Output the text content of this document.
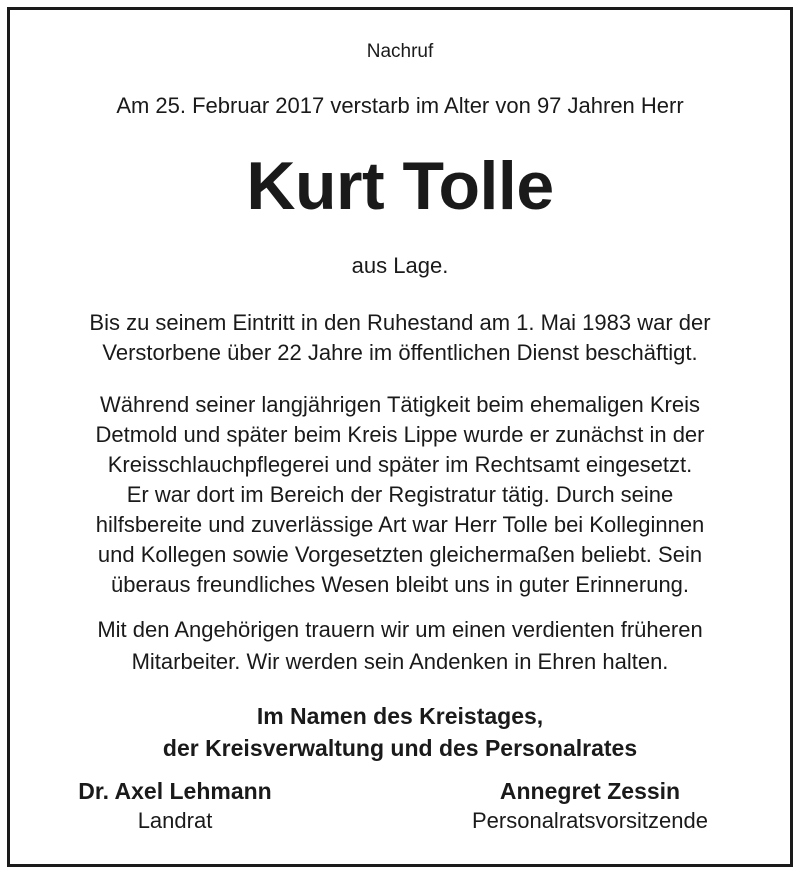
Nachruf
Am 25. Februar 2017 verstarb im Alter von 97 Jahren Herr
Kurt Tolle
aus Lage.
Bis zu seinem Eintritt in den Ruhestand am 1. Mai 1983 war der
Verstorbene über 22 Jahre im öffentlichen Dienst beschäftigt.
Während seiner langjährigen Tätigkeit beim ehemaligen Kreis
Detmold und später beim Kreis Lippe wurde er zunächst in der
Kreisschlauchpflegerei und später im Rechtsamt eingesetzt.
Er war dort im Bereich der Registratur tätig. Durch seine
hilfsbereite und zuverlässige Art war Herr Tolle bei Kolleginnen
und Kollegen sowie Vorgesetzten gleichermaßen beliebt. Sein
überaus freundliches Wesen bleibt uns in guter Erinnerung.
Mit den Angehörigen trauern wir um einen verdienten früheren
Mitarbeiter. Wir werden sein Andenken in Ehren halten.
Im Namen des Kreistages,
der Kreisverwaltung und des Personalrates
Dr. Axel Lehmann
Landrat
Annegret Zessin
Personalratsvorsitzende
